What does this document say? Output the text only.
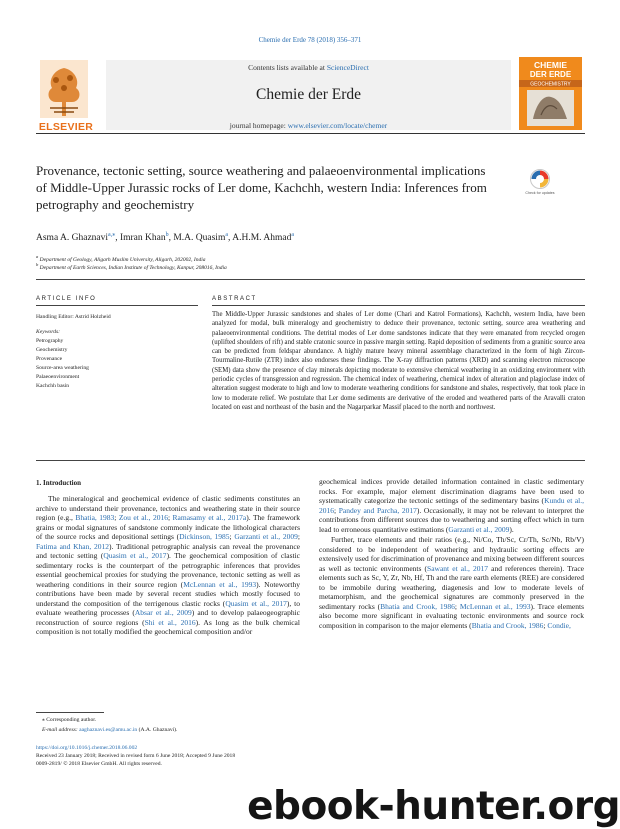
Chemie der Erde 78 (2018) 356–371
ELSEVIER
Contents lists available at ScienceDirect
Chemie der Erde
journal homepage: www.elsevier.com/locate/chemer
CHEMIE
DER ERDE
GEOCHEMISTRY
Provenance, tectonic setting, source weathering and palaeoenvironmental implications of Middle-Upper Jurassic rocks of Ler dome, Kachchh, western India: Inferences from petrography and geochemistry
Check for updates
Asma A. Ghaznavi$^{a,⁎}$, Imran Khan$^b$, M.A. Quasim$^a$, A.H.M. Ahmad$^a$
$^a$ Department of Geology, Aligarh Muslim University, Aligarh, 202002, India
$^b$ Department of Earth Sciences, Indian Institute of Technology, Kanpur, 208016, India
ARTICLE INFO	ABSTRACT
Handling Editor: Astrid Holzheid
Keywords:
Petrography
Geochemistry
Provenance
Source-area weathering
Palaeoenvironment
Kachchh basin
The Middle-Upper Jurassic sandstones and shales of Ler dome (Chari and Katrol Formations), Kachchh, western India, have been analyzed for modal, bulk mineralogy and geochemistry to deduce their provenance, tectonic setting, source area weathering and palaeoenvironmental conditions. The detrital modes of Ler dome sandstones indicate that they were emanated from recycled orogen (uplifted shoulders of rift) and stable cratonic source in passive margin setting. Rapid deposition of sediments from a granitic source area can be predicted from feldspar abundance. A highly mature heavy mineral assemblage characterized in the form of high Zircon-Tourmaline-Rutile (ZTR) index also endorses these findings. The X-ray diffraction patterns (XRD) and scanning electron microscope (SEM) data show the presence of clay minerals depicting moderate to extensive chemical weathering in an oxidizing environment with periodic cycles of transgression and regression. The chemical index of weathering, chemical index of alteration and plagioclase index of alteration suggest moderate to high and low to moderate weathering conditions for sandstone and shales, respectively, that took place in low to moderate relief. We postulate that Ler dome sediments are derivative of the eroded and weathered parts of the Aravalli craton located on east and northeast of the basin and the Nagarparkar Massif placed to the north and northwest.
1. Introduction

The mineralogical and geochemical evidence of clastic sediments constitutes an archive to understand their provenance, tectonics and weathering state in their source region (e.g., Bhatia, 1983; Zou et al., 2016; Ramasamy et al., 2017a). The framework grains or modal signatures of sandstone commonly indicate the lithological characters of the source rocks and depositional settings (Dickinson, 1985; Garzanti et al., 2009; Fatima and Khan, 2012). Traditional petrographic analysis can reveal the provenance and tectonic setting (Quasim et al., 2017). The geochemical composition of clastic sedimentary rocks is the counterpart of the petrographic inferences that provides essential geochemical proxies for studying the provenance, tectonic setting as well as weathering conditions in their source region (McLennan et al., 1993). Noteworthy contributions have been made by several recent studies which mostly focused to understand the composition of the terrigenous clastic rocks (Quasim et al., 2017), to evaluate weathering processes (Absar et al., 2009) and to develop palaeogeographic reconstruction of source regions (Shi et al., 2016). As long as the bulk chemical composition is not totally modified the geochemical composition and/or

geochemical indices provide detailed information contained in clastic sedimentary rocks. For example, major element discrimination diagrams have been used to systematically categorize the tectonic settings of the sedimentary basins (Kundu et al., 2016; Pandey and Parcha, 2017). Occasionally, it may not be relevant to interpret the contributions from different sources due to weathering and sorting effect which in turn lead to erroneous quantitative estimations (Garzanti et al., 2009).

Further, trace elements and their ratios (e.g., Ni/Co, Th/Sc, Cr/Th, Sc/Nb, Rb/V) considered to be independent of weathering and hydraulic sorting effects are extensively used for discrimination of provenance and mixing between different sources as well as tectonic environments (Sawant et al., 2017 and references therein). Trace elements such as Sc, Y, Zr, Nb, Hf, Th and the rare earth elements (REE) are considered to be immobile during weathering, diagenesis and low to moderate levels of metamorphism, and the geochemical signatures are commonly preserved in the sedimentary rocks (Bhatia and Crook, 1986; McLennan et al., 1993). Trace elements also become more significant in evaluating tectonic environments and source rock composition in comparison to the major elements (Bhatia and Crook, 1986; Condie,

⁎ Corresponding author.
E-mail address: aaghaznavi.es@amu.ac.in (A.A. Ghaznavi).
https://doi.org/10.1016/j.chemer.2018.06.002
Received 23 January 2018; Received in revised form 6 June 2018; Accepted 9 June 2018
0009-2819/ © 2018 Elsevier GmbH. All rights reserved.
ebook-hunter.org
